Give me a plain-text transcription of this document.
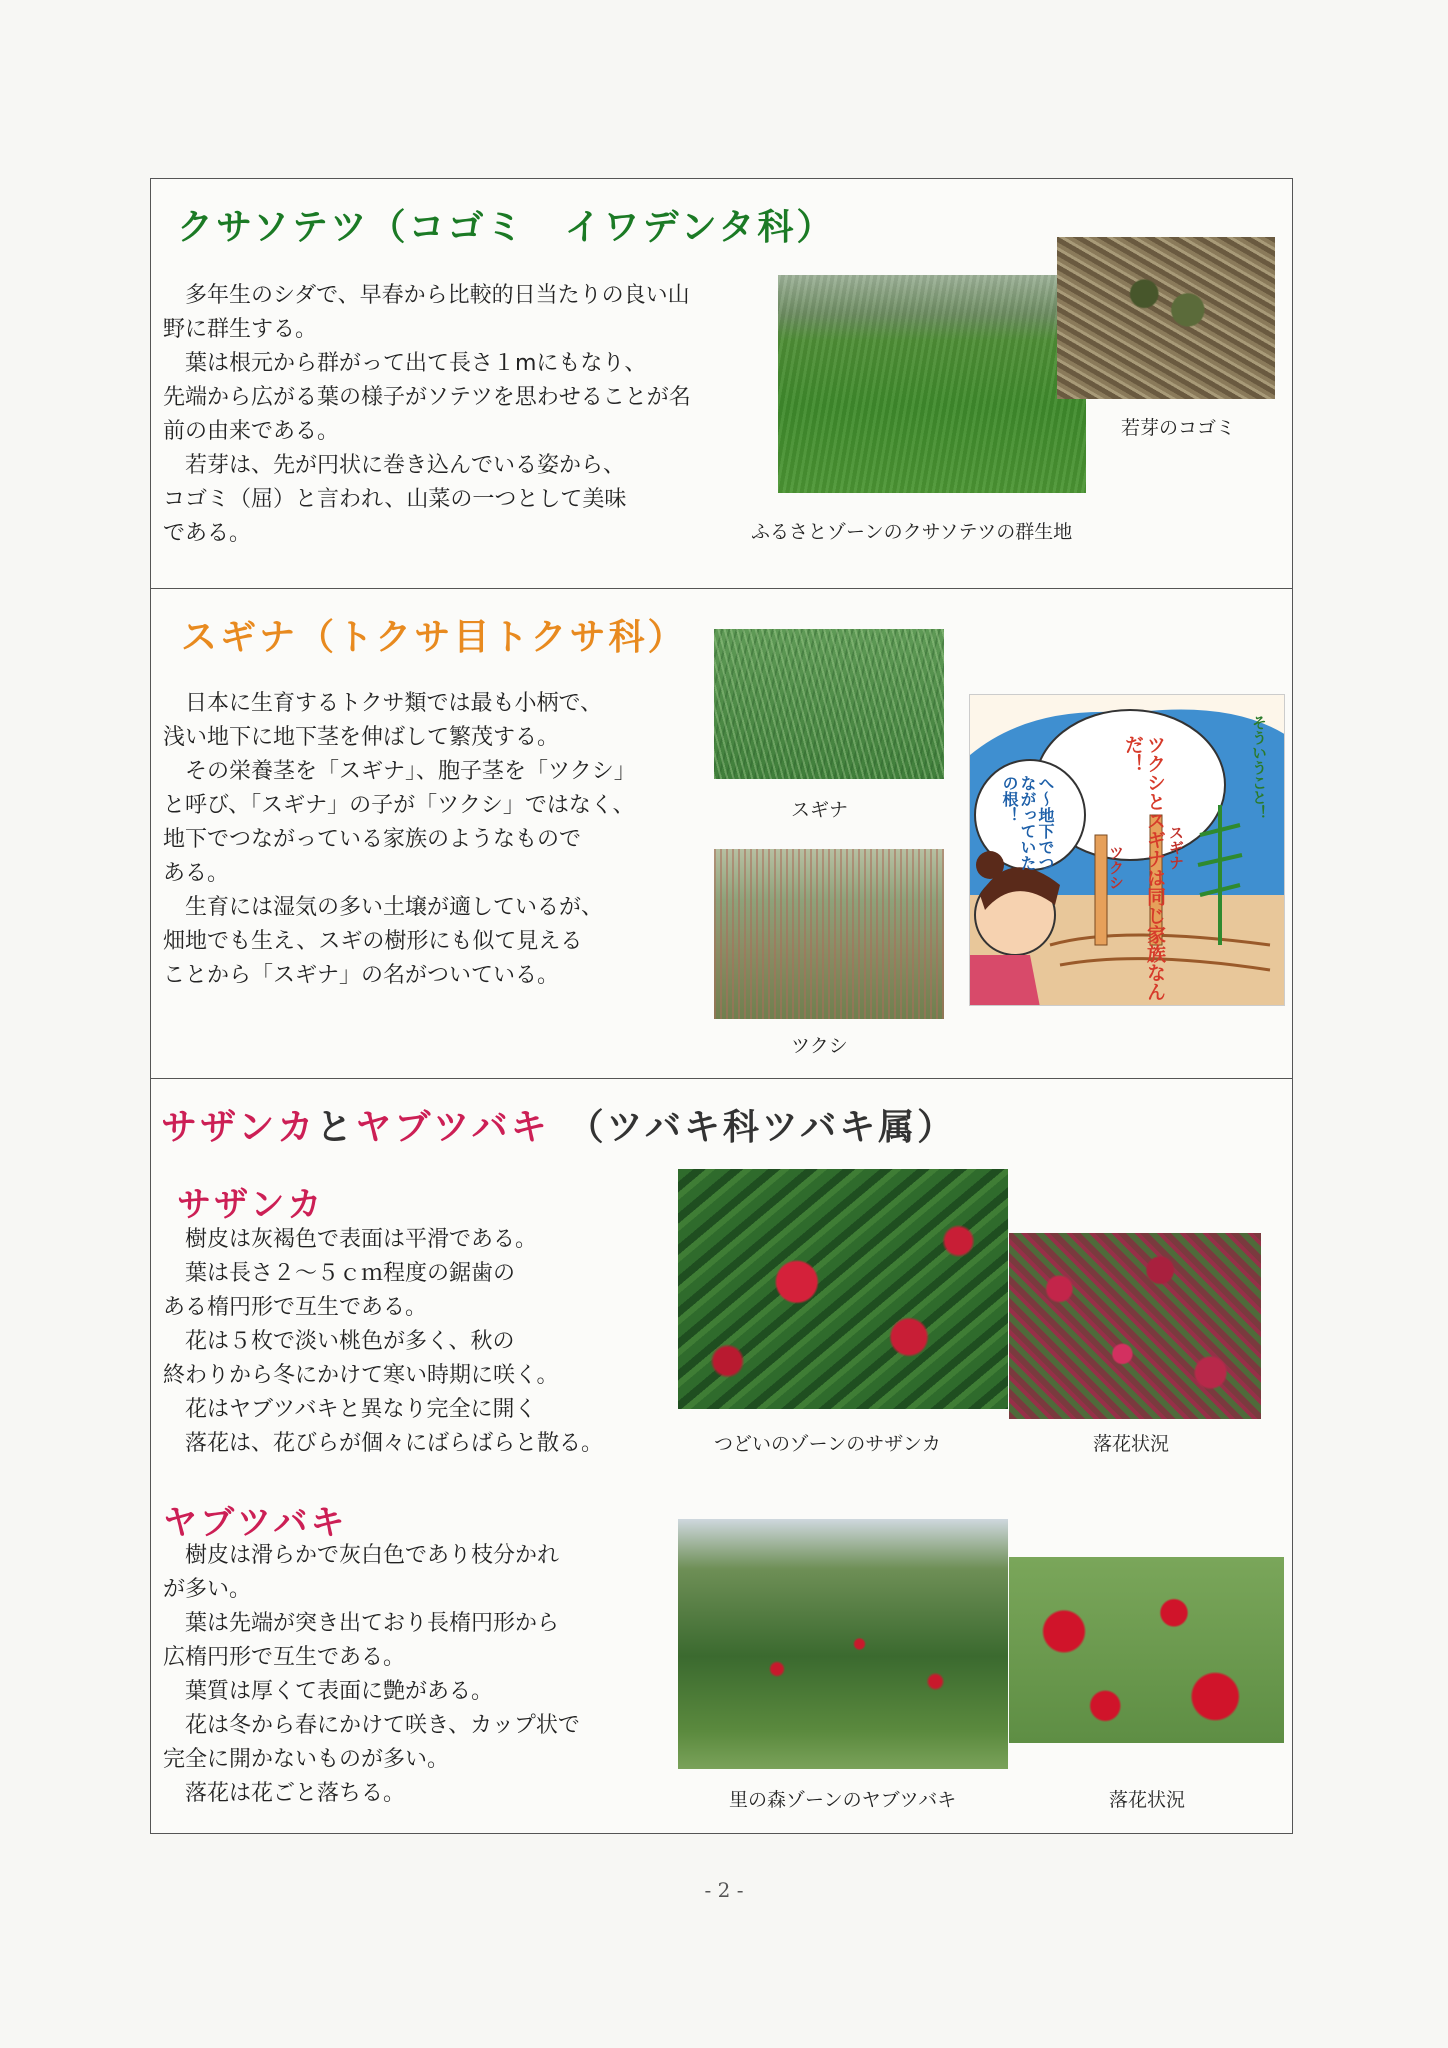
クサソテツ（コゴミ　イワデンタ科）

　多年生のシダで、早春から比較的日当たりの良い山

野に群生する。

　葉は根元から群がって出て長さ１mにもなり、

先端から広がる葉の様子がソテツを思わせることが名

前の由来である。

　若芽は、先が円状に巻き込んでいる姿から、

コゴミ（屈）と言われ、山菜の一つとして美味

である。

若芽のコゴミ
ふるさとゾーンのクサソテツの群生地
スギナ（トクサ目トクサ科）

　日本に生育するトクサ類では最も小柄で、

浅い地下に地下茎を伸ばして繁茂する。

　その栄養茎を「スギナ」、胞子茎を「ツクシ」

と呼び、「スギナ」の子が「ツクシ」ではなく、

地下でつながっている家族のようなもので

ある。

　生育には湿気の多い土壌が適しているが、

畑地でも生え、スギの樹形にも似て見える

ことから「スギナ」の名がついている。

スギナ
ツクシ
ツクシとスギナは同じ家族なんだ！
へ〜地下でつながっていたの根！	そういうこと！
ツクシ	スギナ
サザンカとヤブツバキ （ツバキ科ツバキ属）
サザンカ

　樹皮は灰褐色で表面は平滑である。

　葉は長さ２～５ｃｍ程度の鋸歯の

ある楕円形で互生である。

　花は５枚で淡い桃色が多く、秋の

終わりから冬にかけて寒い時期に咲く。

　花はヤブツバキと異なり完全に開く

　落花は、花びらが個々にばらばらと散る。	つどいのゾーンのサザンカ	落花状況
ヤブツバキ

　樹皮は滑らかで灰白色であり枝分かれ

が多い。

　葉は先端が突き出ており長楕円形から

広楕円形で互生である。

　葉質は厚くて表面に艶がある。

　花は冬から春にかけて咲き、カップ状で

完全に開かないものが多い。

　落花は花ごと落ちる。	里の森ゾーンのヤブツバキ	落花状況
- 2 -
